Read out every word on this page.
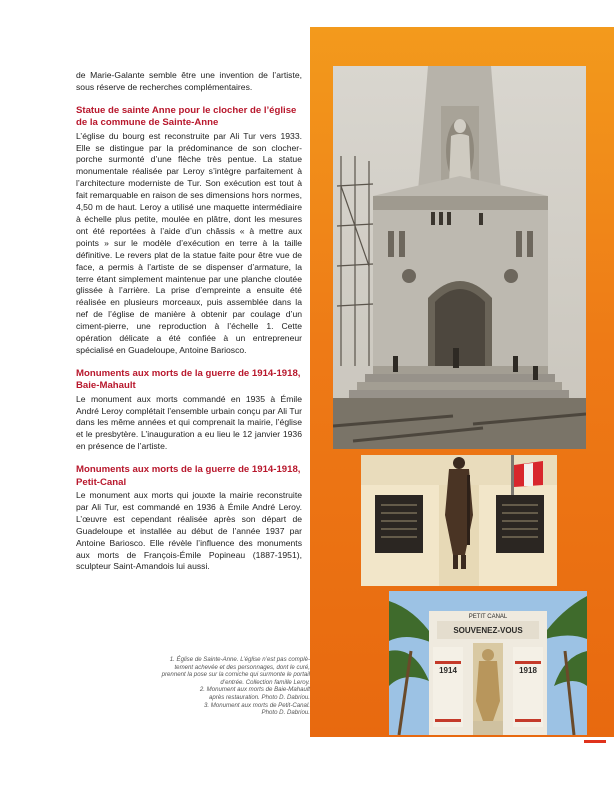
de Marie-Galante semble être une invention de l’artiste, sous réserve de recherches complémentaires.

Statue de sainte Anne pour le clocher de l’église de la commune de Sainte-Anne

L’église du bourg est reconstruite par Ali Tur vers 1933. Elle se distingue par la prédominance de son clocher-porche surmonté d’une flèche très pentue. La statue monumentale réalisée par Leroy s’intègre parfaitement à l’architecture moderniste de Tur. Son exécution est tout à fait remarquable en raison de ses dimensions hors normes, 4,50 m de haut. Leroy a utilisé une maquette intermédiaire à échelle plus petite, moulée en plâtre, dont les mesures ont été reportées à l’aide d’un châssis « à mettre aux points » sur le modèle d’exécution en terre à la taille définitive. Le revers plat de la statue faite pour être vue de face, a permis à l’artiste de se dispenser d’armature, la terre étant simplement maintenue par une planche cloutée glissée à l’arrière. La prise d’empreinte a ensuite été réalisée en plusieurs morceaux, puis assemblée dans la nef de l’église de manière à obtenir par coulage d’un ciment-pierre, une reproduction à l’échelle 1. Cette opération délicate a été confiée à un entrepreneur spécialisé en Guadeloupe, Antoine Bariosco.

Monuments aux morts de la guerre de 1914-1918, Baie-Mahault

Le monument aux morts commandé en 1935 à Émile André Leroy complétait l’ensemble urbain conçu par Ali Tur dans les même années et qui comprenait la mairie, l’église et le presbytère. L’inauguration a eu lieu le 12 janvier 1936 en présence de l’artiste.

Monuments aux morts de la guerre de 1914-1918, Petit-Canal

Le monument aux morts qui jouxte la mairie reconstruite par Ali Tur, est commandé en 1936 à Émile André Leroy. L’œuvre est cependant réalisée après son départ de Guadeloupe et installée au début de l’année 1937 par Antoine Bariosco. Elle révèle l’influence des monuments aux morts de François-Émile Popineau (1887-1951), sculpteur Saint-Amandois lui aussi.

PETIT CANAL
SOUVENEZ-VOUS
1914	1918
1. Église de Sainte-Anne. L’église n’est pas complè-
tement achevée et des personnages, dont le curé,
prennent la pose sur la corniche qui surmonte le portail
d’entrée. Collection famille Leroy.
2. Monument aux morts de Baie-Mahault
après restauration. Photo D. Dabriou.
3. Monument aux morts de Petit-Canal.
Photo D. Dabriou.
